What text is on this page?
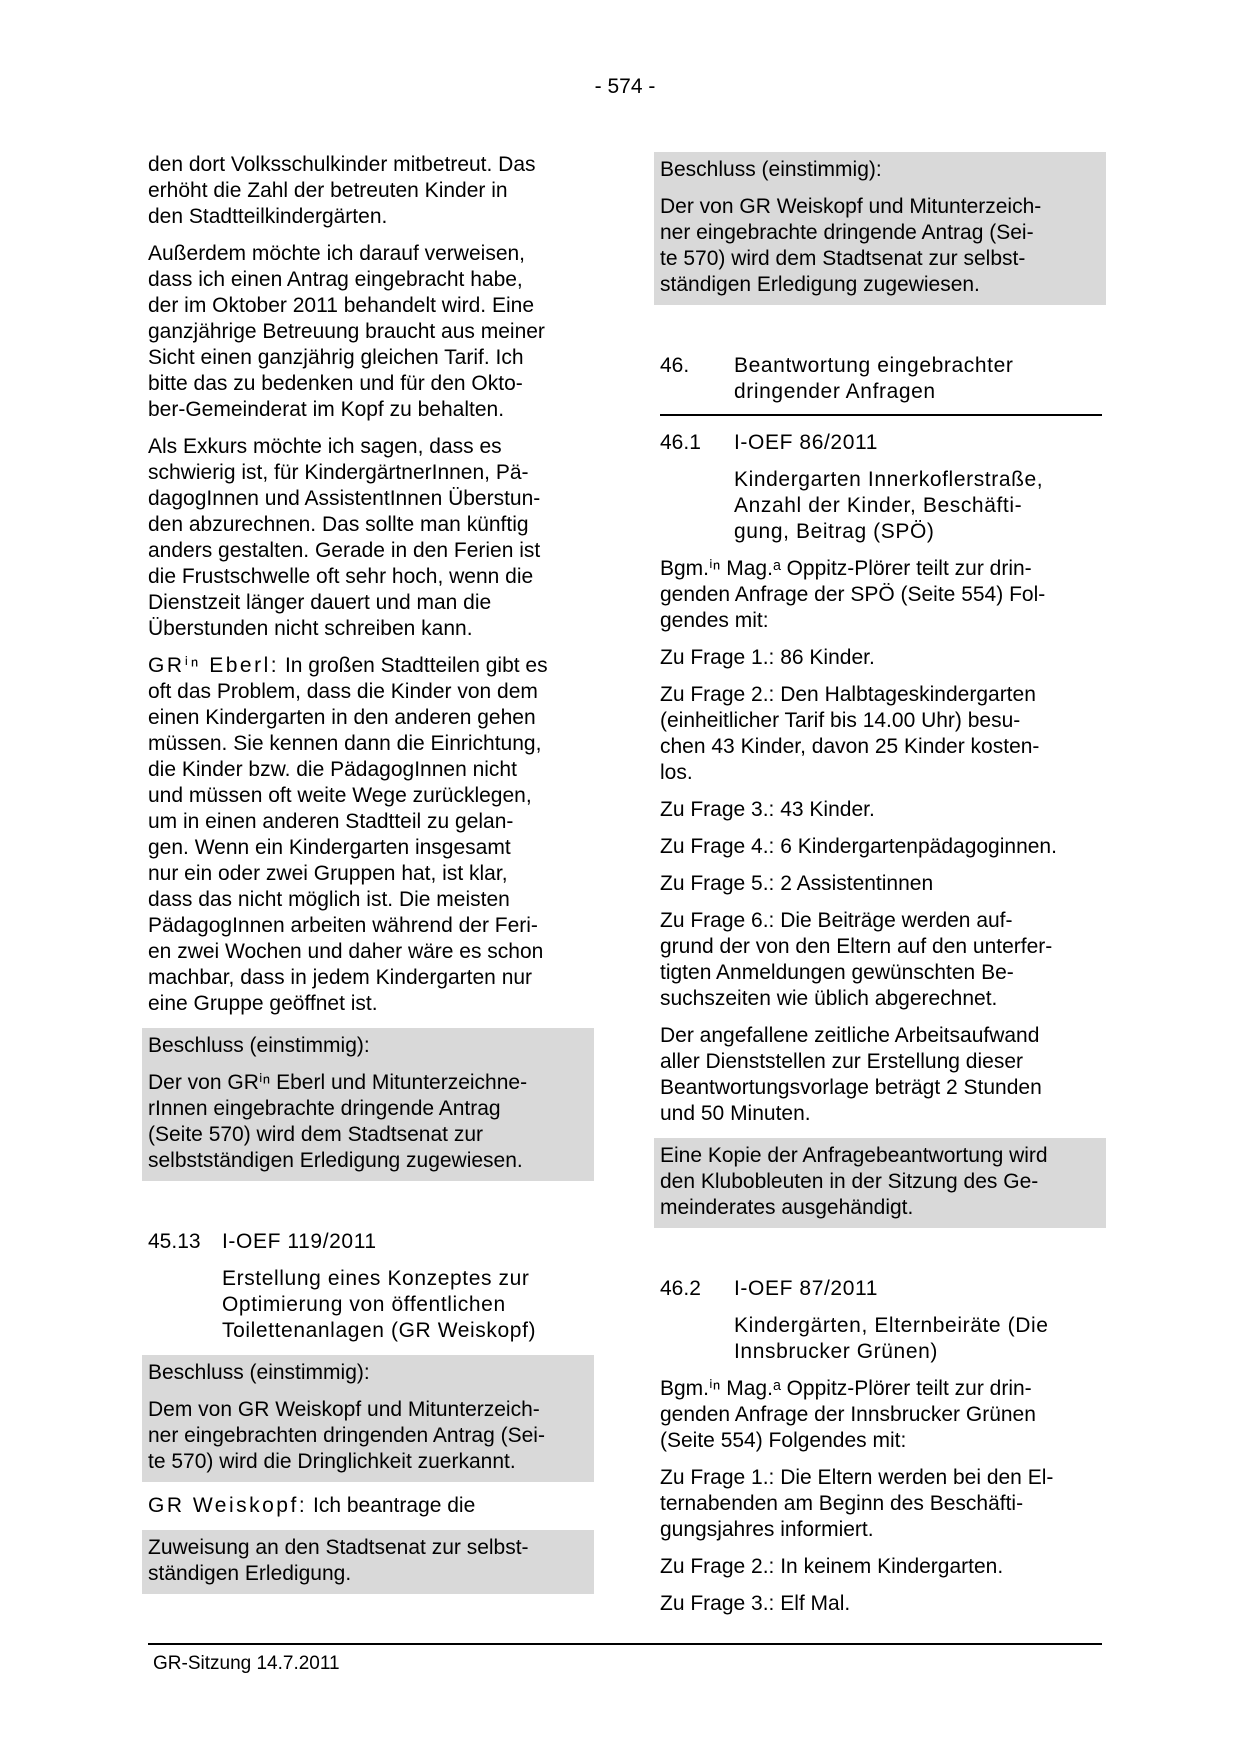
- 574 -
den dort Volksschulkinder mitbetreut. Das
erhöht die Zahl der betreuten Kinder in
den Stadtteilkindergärten.
Außerdem möchte ich darauf verweisen,
dass ich einen Antrag eingebracht habe,
der im Oktober 2011 behandelt wird. Eine
ganzjährige Betreuung braucht aus meiner
Sicht einen ganzjährig gleichen Tarif. Ich
bitte das zu bedenken und für den Okto-
ber-Gemeinderat im Kopf zu behalten.
Als Exkurs möchte ich sagen, dass es
schwierig ist, für KindergärtnerInnen, Pä-
dagogInnen und AssistentInnen Überstun-
den abzurechnen. Das sollte man künftig
anders gestalten. Gerade in den Ferien ist
die Frustschwelle oft sehr hoch, wenn die
Dienstzeit länger dauert und man die
Überstunden nicht schreiben kann.
GRⁱⁿ Eberl: In großen Stadtteilen gibt es
oft das Problem, dass die Kinder von dem
einen Kindergarten in den anderen gehen
müssen. Sie kennen dann die Einrichtung,
die Kinder bzw. die PädagogInnen nicht
und müssen oft weite Wege zurücklegen,
um in einen anderen Stadtteil zu gelan-
gen. Wenn ein Kindergarten insgesamt
nur ein oder zwei Gruppen hat, ist klar,
dass das nicht möglich ist. Die meisten
PädagogInnen arbeiten während der Feri-
en zwei Wochen und daher wäre es schon
machbar, dass in jedem Kindergarten nur
eine Gruppe geöffnet ist.
Beschluss (einstimmig):
Der von GRⁱⁿ Eberl und Mitunterzeichne-
rInnen eingebrachte dringende Antrag
(Seite 570) wird dem Stadtsenat zur
selbstständigen Erledigung zugewiesen.
45.13	I-OEF 119/2011
Erstellung eines Konzeptes zur
Optimierung von öffentlichen
Toilettenanlagen (GR Weiskopf)
Beschluss (einstimmig):
Dem von GR Weiskopf und Mitunterzeich-
ner eingebrachten dringenden Antrag (Sei-
te 570) wird die Dringlichkeit zuerkannt.
GR Weiskopf: Ich beantrage die
Zuweisung an den Stadtsenat zur selbst-
ständigen Erledigung.
Beschluss (einstimmig):
Der von GR Weiskopf und Mitunterzeich-
ner eingebrachte dringende Antrag (Sei-
te 570) wird dem Stadtsenat zur selbst-
ständigen Erledigung zugewiesen.
46.	Beantwortung eingebrachter
dringender Anfragen
46.1	I-OEF 86/2011
Kindergarten Innerkoflerstraße,
Anzahl der Kinder, Beschäfti-
gung, Beitrag (SPÖ)
Bgm.ⁱⁿ Mag.ᵃ Oppitz-Plörer teilt zur drin-
genden Anfrage der SPÖ (Seite 554) Fol-
gendes mit:
Zu Frage 1.: 86 Kinder.
Zu Frage 2.: Den Halbtageskindergarten
(einheitlicher Tarif bis 14.00 Uhr) besu-
chen 43 Kinder, davon 25 Kinder kosten-
los.
Zu Frage 3.: 43 Kinder.
Zu Frage 4.: 6 Kindergartenpädagoginnen.
Zu Frage 5.: 2 Assistentinnen
Zu Frage 6.: Die Beiträge werden auf-
grund der von den Eltern auf den unterfer-
tigten Anmeldungen gewünschten Be-
suchszeiten wie üblich abgerechnet.
Der angefallene zeitliche Arbeitsaufwand
aller Dienststellen zur Erstellung dieser
Beantwortungsvorlage beträgt 2 Stunden
und 50 Minuten.
Eine Kopie der Anfragebeantwortung wird
den Klubobleuten in der Sitzung des Ge-
meinderates ausgehändigt.
46.2	I-OEF 87/2011
Kindergärten, Elternbeiräte (Die
Innsbrucker Grünen)
Bgm.ⁱⁿ Mag.ᵃ Oppitz-Plörer teilt zur drin-
genden Anfrage der Innsbrucker Grünen
(Seite 554) Folgendes mit:
Zu Frage 1.: Die Eltern werden bei den El-
ternabenden am Beginn des Beschäfti-
gungsjahres informiert.
Zu Frage 2.: In keinem Kindergarten.
Zu Frage 3.: Elf Mal.
GR-Sitzung 14.7.2011
